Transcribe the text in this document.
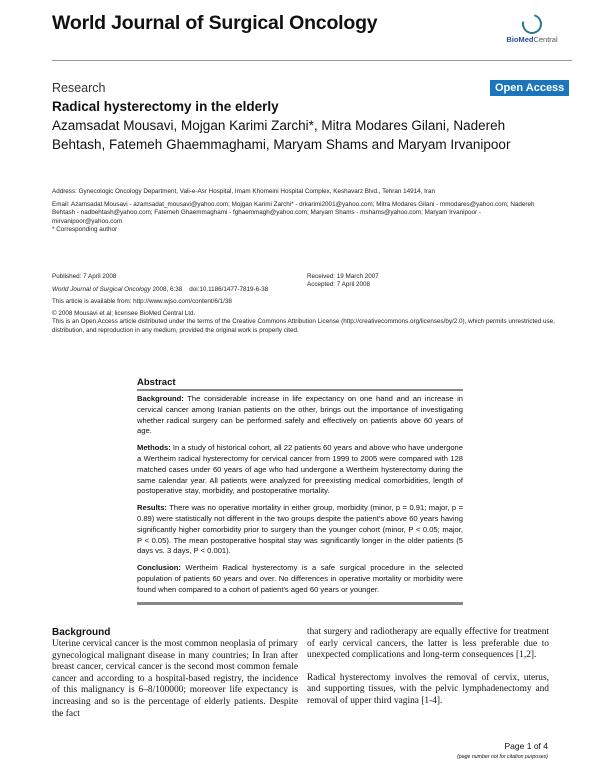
World Journal of Surgical Oncology
BioMedCentral
Research	Open Access
Radical hysterectomy in the elderly
Azamsadat Mousavi, Mojgan Karimi Zarchi*, Mitra Modares Gilani, Nadereh Behtash, Fatemeh Ghaemmaghami, Maryam Shams and Maryam Irvanipoor
Address: Gynecologic Oncology Department, Vali-e-Asr Hospital, Imam Khomeini Hospital Complex, Keshavarz Blvd., Tehran 14914, Iran
Email: Azamsadat Mousavi - azamsadat_mousavi@yahoo.com; Mojgan Karimi Zarchi* - drkarimi2001@yahoo.com; Mitra Modares Gilani - mmodares@yahoo.com; Nadereh Behtash - nadbehtash@yahoo.com; Fatemeh Ghaemmaghami - fghaemmagh@yahoo.com; Maryam Shams - mshams@yahoo.com; Maryam Irvanipoor - mirvanipoor@yahoo.com
* Corresponding author
Published: 7 April 2008
World Journal of Surgical Oncology 2008, 6:38    doi:10.1186/1477-7819-6-38
Received: 19 March 2007
Accepted: 7 April 2008
This article is available from: http://www.wjso.com/content/6/1/38
© 2008 Mousavi et al; licensee BioMed Central Ltd.
This is an Open Access article distributed under the terms of the Creative Commons Attribution License (http://creativecommons.org/licenses/by/2.0), which permits unrestricted use, distribution, and reproduction in any medium, provided the original work is properly cited.
Abstract
Background: The considerable increase in life expectancy on one hand and an increase in cervical cancer among Iranian patients on the other, brings out the importance of investigating whether radical surgery can be performed safely and effectively on patients above 60 years of age.
Methods: In a study of historical cohort, all 22 patients 60 years and above who have undergone a Wertheim radical hysterectomy for cervical cancer from 1999 to 2005 were compared with 128 matched cases under 60 years of age who had undergone a Wertheim hysterectomy during the same calendar year. All patients were analyzed for preexisting medical comorbidities, length of postoperative stay, morbidity, and postoperative mortality.
Results: There was no operative mortality in either group, morbidity (minor, p = 0.91; major, p = 0.89) were statistically not different in the two groups despite the patient's above 60 years having significantly higher comorbidity prior to surgery than the younger cohort (minor, P < 0.05; major, P < 0.05). The mean postoperative hospital stay was significantly longer in the older patients (5 days vs. 3 days, P < 0.001).
Conclusion: Wertheim Radical hysterectomy is a safe surgical procedure in the selected population of patients 60 years and over. No differences in operative mortality or morbidity were found when compared to a cohort of patient's aged 60 years or younger.
Background
Uterine cervical cancer is the most common neoplasia of primary gynecological malignant disease in many countries; In Iran after breast cancer, cervical cancer is the second most common female cancer and according to a hospital-based registry, the incidence of this malignancy is 6–8/100000; moreover life expectancy is increasing and so is the percentage of elderly patients. Despite the fact

that surgery and radiotherapy are equally effective for treatment of early cervical cancers, the latter is less preferable due to unexpected complications and long-term consequences [1,2].

Radical hysterectomy involves the removal of cervix, uterus, and supporting tissues, with the pelvic lymphadenectomy and removal of upper third vagina [1-4].

Page 1 of 4
(page number not for citation purposes)
